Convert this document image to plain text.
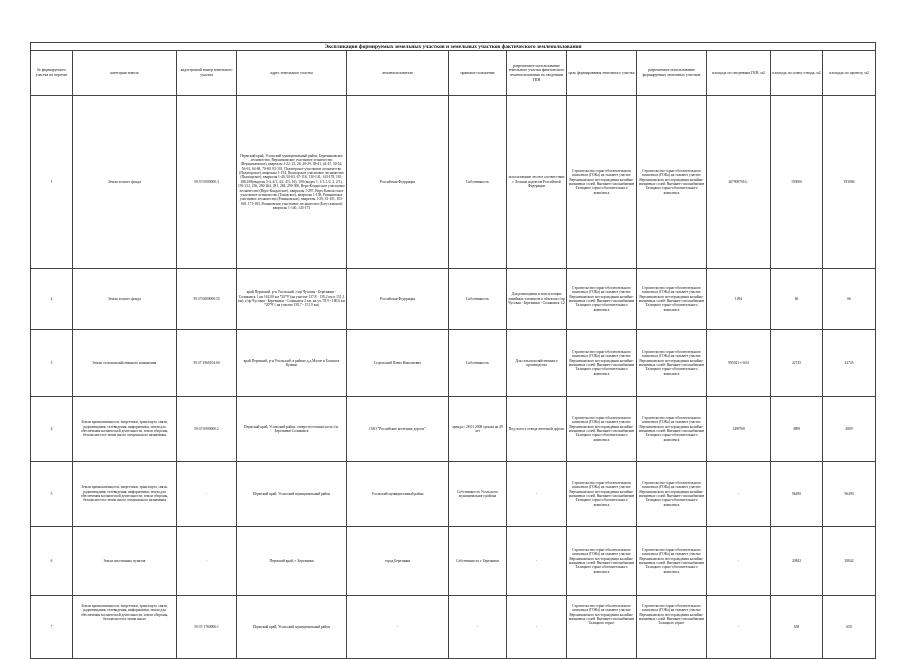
Экспликация формируемых земельных участков и земельных участков фактического землепользования											
№ формируемого участка на чертеже	категория земель	кадастровый номер земельного участка	адрес земельного участка	землепользователь	правовое положение	разрешенное использование земельного участка фактического землепользования по сведениям ГКН	цель формирования земельного участка	разрешенное использование формируемых земельных участков	площадь по сведениям ГКН, м2	площадь по плану отвода, м2	площадь по проекту, м2
1	Земли лесного фонда	59:37:0000000:3	Пермский край, Усольский муниципальный район, Березниковское лесничество, Верхнекамское участковое лесничество (Верхнекамское), кварталы 1-22, 25, 26, 28-29, 38-41, 44-47, 50-52, 56-61, 64-68, 70-80, 83-101, Палаторское участковое лесничество (Палаторское), кварталы 1-154, Пыскорское участковое лесничество (Пыскорское), кварталы 1-40, 50-63, 67-116, 130-141, 143-178, 181-186,189(выделы 3-4, 4/1, 4/2, 4/3, 16), 190 (выдел 1, 1/1, 1/2, 2, 2/1), 191-212, 236, 260-264, 281, 284, 290-300, Верх-Кондасское участковое лесничество (Верх-Кондасское), кварталы 1-297, Верх-Камоастское участковое лесничество (Токовское), кварталы 1-158, Романовское участковое лесничество (Романовское), кварталы 1-29, 33-101, 103-168, 171-183, Романовское участковое лесничество (Богуславское) кварталы 1-140, 143-173	Российская Федерация	Собственность	использование лесов в соответствии с Лесным кодексом Российской Федерации	Строительство горно-обогатительного комплекса (ГОКа) на тальвеге участке Верхнекамского месторождения калийно-магниевых солей. Внешнее газоснабжение Талицкого горно-обогатительного комплекса	Строительство горно-обогатительного комплекса (ГОКа) на тальвеге участке Верхнекамского месторождения калийно-магниевых солей. Внешнее газоснабжение Талицкого горно-обогатительного комплекса	2679097016,-	193006	193006
2	Земли лесного фонда	59:37:0000000:55	край Пермский, р-н Усольский, г/пр Чусовая - Березники - Соликамск 1 км 162,08 км *20*9' (на участке 137,8 - 139,2 км и 151,1 км), г/пр Чусовая - Березники - Соликамск 2 км. на уч. 78,9 - 180,6 км *20*9' ( на участке 158,7 - 151,9 км)	Российская Федерация	Собственность	Для размещения и эксплуатации линейных элементов и объектов г/пр Чусовая - Березники - Соликамск 1,2	Строительство горно-обогатительного комплекса (ГОКа) на тальвеге участке Верхнекамского месторождения калийно-магниевых солей. Внешнее газоснабжение Талицкого горно-обогатительного комплекса	Строительство горно-обогатительного комплекса (ГОКа) на тальвеге участке Верхнекамского месторождения калийно-магниевых солей. Внешнее газоснабжение Талицкого горно-обогатительного комплекса	1494	66	66
3	Земли сельскохозяйственного назначения	59:37:1960104:60	край Пермский, р-н Усольский, в районе д.д.Малое и Большое Кучино	Седельский Павел Николаевич	Собственность	Для сельскохозяйственного производства	Строительство горно-обогатительного комплекса (ГОКа) на тальвеге участке Верхнекамского месторождения калийно-магниевых солей. Внешнее газоснабжение Талицкого горно-обогатительного комплекса	Строительство горно-обогатительного комплекса (ГОКа) на тальвеге участке Верхнекамского месторождения калийно-магниевых солей. Внешнее газоснабжение Талицкого горно-обогатительного комплекса	995021+/-604	22745	22745
4	Земли промышленности, энергетики, транспорта, связи, радиовещания, телевидения, информатики, земли для обеспечения космической деятельности, земли обороны, безопасности и земли иного специального назначения	59:37:0000000:2	Пермский край, Усольский район, северо-восточная часть г/н. Березники-Соликамск	ОАО "Российские железные дороги"	аренда с 28.01.2008 сроком на 49 лет	Под полосу отвода железной дороги	Строительство горно-обогатительного комплекса (ГОКа) на тальвеге участке Верхнекамского месторождения калийно-магниевых солей. Внешнее газоснабжение Талицкого горно-обогатительного комплекса	Строительство горно-обогатительного комплекса (ГОКа) на тальвеге участке Верхнекамского месторождения калийно-магниевых солей. Внешнее газоснабжение Талицкого горно-обогатительного комплекса	1499760	4809	4809
5	Земли промышленности, энергетики, транспорта, связи, радиовещания, телевидения, информатики, земли для обеспечения космической деятельности, земли обороны, безопасности и земли иного специального назначения	-	Пермский край, Усольский муниципальный район	Усольский муниципальный район	Собственность Усольского муниципального района	-	Строительство горно-обогатительного комплекса (ГОКа) на тальвеге участке Верхнекамского месторождения калийно-магниевых солей. Внешнее газоснабжение Талицкого горно-обогатительного комплекса	Строительство горно-обогатительного комплекса (ГОКа) на тальвеге участке Верхнекамского месторождения калийно-магниевых солей. Внешнее газоснабжение Талицкого горно-обогатительного комплекса	-	96490	96490
6	Земли населенных пунктов	-	Пермский край, г. Березники	город Березники	Собственность г. Березники	-	Строительство горно-обогатительного комплекса (ГОКа) на тальвеге участке Верхнекамского месторождения калийно-магниевых солей. Внешнее газоснабжение Талицкого горно-обогатительного комплекса	Строительство горно-обогатительного комплекса (ГОКа) на тальвеге участке Верхнекамского месторождения калийно-магниевых солей. Внешнее газоснабжение Талицкого горно-обогатительного комплекса	-	20842	20842
7	Земли промышленности, энергетики, транспорта, связи, радиовещания, телевидения, информатики, земли для обеспечения космической деятельности, земли обороны, безопасности и земли иного	59:37:1760006:1	Пермский край, Усольский муниципальный район	-	-	-	Строительство горно-обогатительного комплекса (ГОКа) на тальвеге участке Верхнекамского месторождения калийно-магниевых солей. Внешнее газоснабжение Талицкого горно-	Строительство горно-обогатительного комплекса (ГОКа) на тальвеге участке Верхнекамского месторождения калийно-магниевых солей. Внешнее газоснабжение Талицкого горно-	-	650	650
